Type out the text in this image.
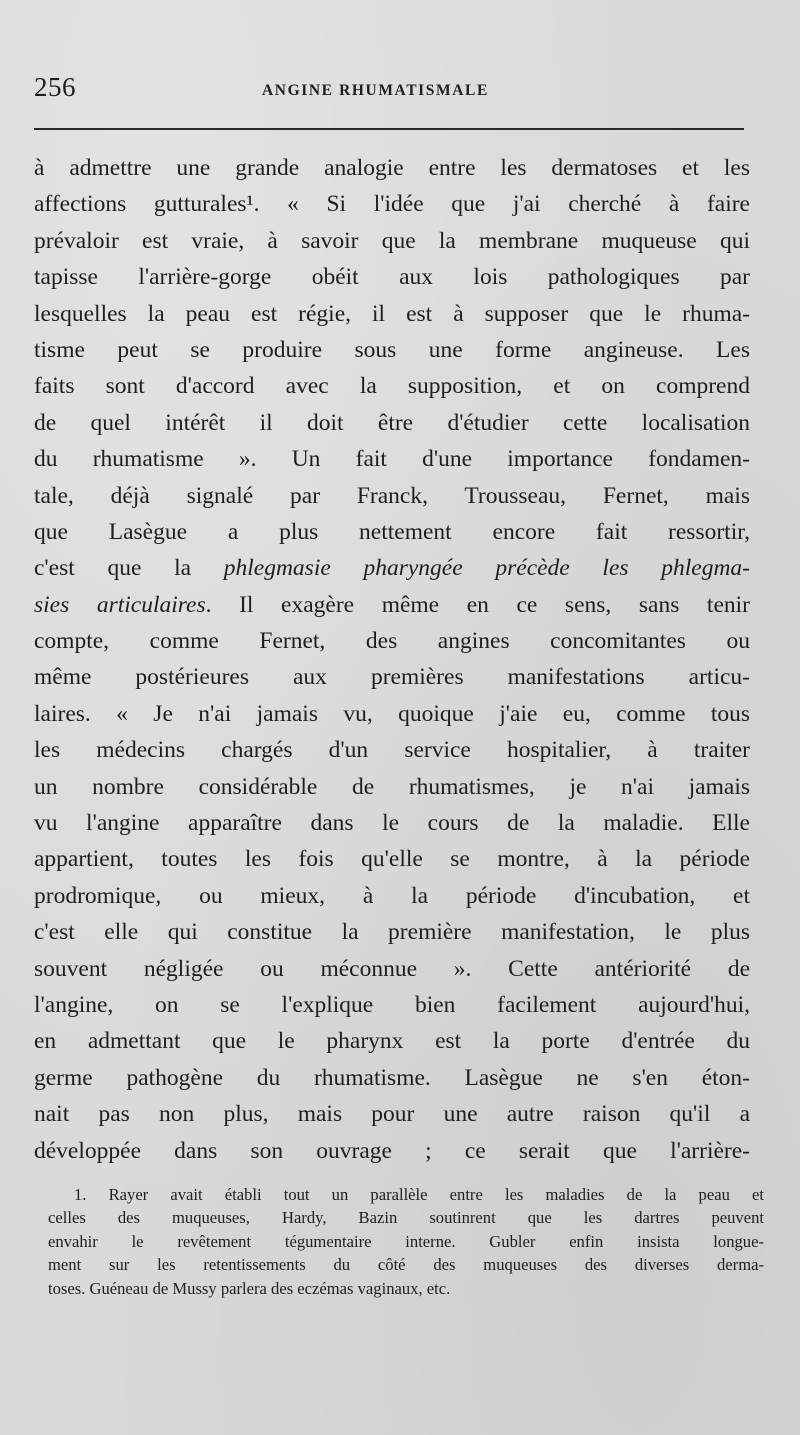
256	ANGINE RHUMATISMALE
à admettre une grande analogie entre les dermatoses et les
affections gutturales¹. « Si l'idée que j'ai cherché à faire
prévaloir est vraie, à savoir que la membrane muqueuse qui
tapisse l'arrière-gorge obéit aux lois pathologiques par
lesquelles la peau est régie, il est à supposer que le rhuma-
tisme peut se produire sous une forme angineuse. Les
faits sont d'accord avec la supposition, et on comprend
de quel intérêt il doit être d'étudier cette localisation
du rhumatisme ». Un fait d'une importance fondamen-
tale, déjà signalé par Franck, Trousseau, Fernet, mais
que Lasègue a plus nettement encore fait ressortir,
c'est que la phlegmasie pharyngée précède les phlegma-
sies articulaires. Il exagère même en ce sens, sans tenir
compte, comme Fernet, des angines concomitantes ou
même postérieures aux premières manifestations articu-
laires. « Je n'ai jamais vu, quoique j'aie eu, comme tous
les médecins chargés d'un service hospitalier, à traiter
un nombre considérable de rhumatismes, je n'ai jamais
vu l'angine apparaître dans le cours de la maladie. Elle
appartient, toutes les fois qu'elle se montre, à la période
prodromique, ou mieux, à la période d'incubation, et
c'est elle qui constitue la première manifestation, le plus
souvent négligée ou méconnue ». Cette antériorité de
l'angine, on se l'explique bien facilement aujourd'hui,
en admettant que le pharynx est la porte d'entrée du
germe pathogène du rhumatisme. Lasègue ne s'en éton-
nait pas non plus, mais pour une autre raison qu'il a
développée dans son ouvrage ; ce serait que l'arrière-
1. Rayer avait établi tout un parallèle entre les maladies de la peau et
celles des muqueuses, Hardy, Bazin soutinrent que les dartres peuvent
envahir le revêtement tégumentaire interne. Gubler enfin insista longue-
ment sur les retentissements du côté des muqueuses des diverses derma-
toses. Guéneau de Mussy parlera des eczémas vaginaux, etc.
